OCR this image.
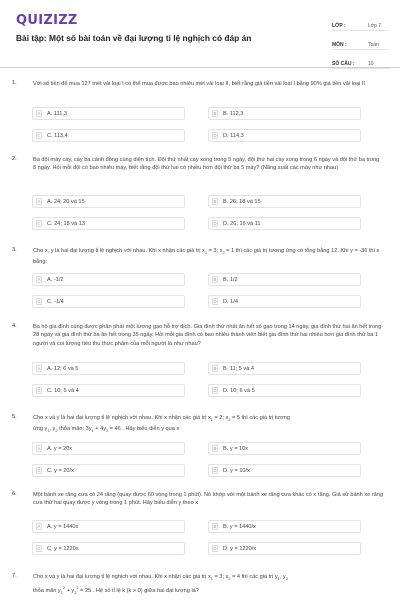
QUIZIZZ
Bài tập: Một số bài toán về đại lượng tỉ lệ nghịch có đáp án
LỚP :	Lớp 7
MÔN :	Toán
SỐ CÂU :	10
1.	Với số tiền để mua 127 mét vải loại I có thể mua được bao nhiêu mét vải loại II, biết rằng giá tiền vải loại I bằng 90% giá tiền vải loại II
A A. 111,3	B B. 112,3
C C. 113,4	D D. 114,3
2.	Ba đội máy cày, cày ba cánh đồng cùng diện tích. Đội thứ nhất cày xong trong 5 ngày, đội thứ hai cày xong trong 6 ngày và đội thứ ba trong 8 ngày. Hỏi mỗi đội có bao nhiêu máy, biết rằng đội thứ hai có nhiều hơn đội thứ ba 5 máy? (Năng suất các máy như nhau)
A A. 24; 20 và 15	B B. 26; 18 và 15
C C. 24; 18 và 13	D D. 26; 16 và 11
3.	Cho x, y là hai đại lượng tỉ lệ nghịch với nhau. Khi x nhận các giá trị $x_1 = 3$; $x_2 = 1$ thì các giá trị tương ứng có tổng bằng 12. Khi y = -36 thì x bằng:
A A. -1/2	B B. 1/2
C C. -1/4	D D. 1/4
4.	Ba hộ gia đình cùng được phân phát một lượng gạo hỗ trợ dịch. Gia đình thứ nhất ăn hết số gạo trong 14 ngày, gia đình thứ hai ăn hết trong 28 ngày và gia đình thứ ba ăn hết trong 35 ngày. Hỏi mỗi gia đình có bao nhiêu thành viên biết gia đình thứ hai nhiều hơn gia đình thứ ba 1 người và coi lượng tiêu thụ thực phẩm của mỗi người là như nhau?
A A. 12; 6 và 5	B B. 11; 5 và 4
C C. 10; 5 và 4	D D. 10; 6 và 5
5.	Cho x và y là hai đại lượng tỉ lệ nghịch với nhau. Khi x nhận các giá trị $x_1 = 2$; $x_2 = 5$ thì các giá trị tương
ứng $y_1$, $y_2$ thỏa mãn: $3y_1 + 4y_2 = 46$ . Hãy biểu diễn y qua x
A A. y = 20x	B B. y = 10x
C C. y = 20/x	D D. y = 10/x
6.	Một bánh xe răng cưa có 24 răng (quay được 60 vòng trong 1 phút). Nó khớp với một bánh xe răng cưa khác có x răng. Giả sử bánh xe răng cưa thứ hai quay được y vòng trong 1 phút. Hãy biểu diễn y theo x
A A. y = 1440x	B B. y = 1440/x
C C. y = 1220x	D D. y = 1220/x
7.	Cho x và y là hai đại lượng tỉ lệ nghịch với nhau. Khi x nhận các giá trị $x_1 = 3$; $x_2 = 4$ thì các giá trị $y_1$, $y_2$
thỏa mãn $y_1^2 + y_2^2 = 25$ . Hệ số tỉ lệ k (k > 0) giữa hai đại lượng là?
